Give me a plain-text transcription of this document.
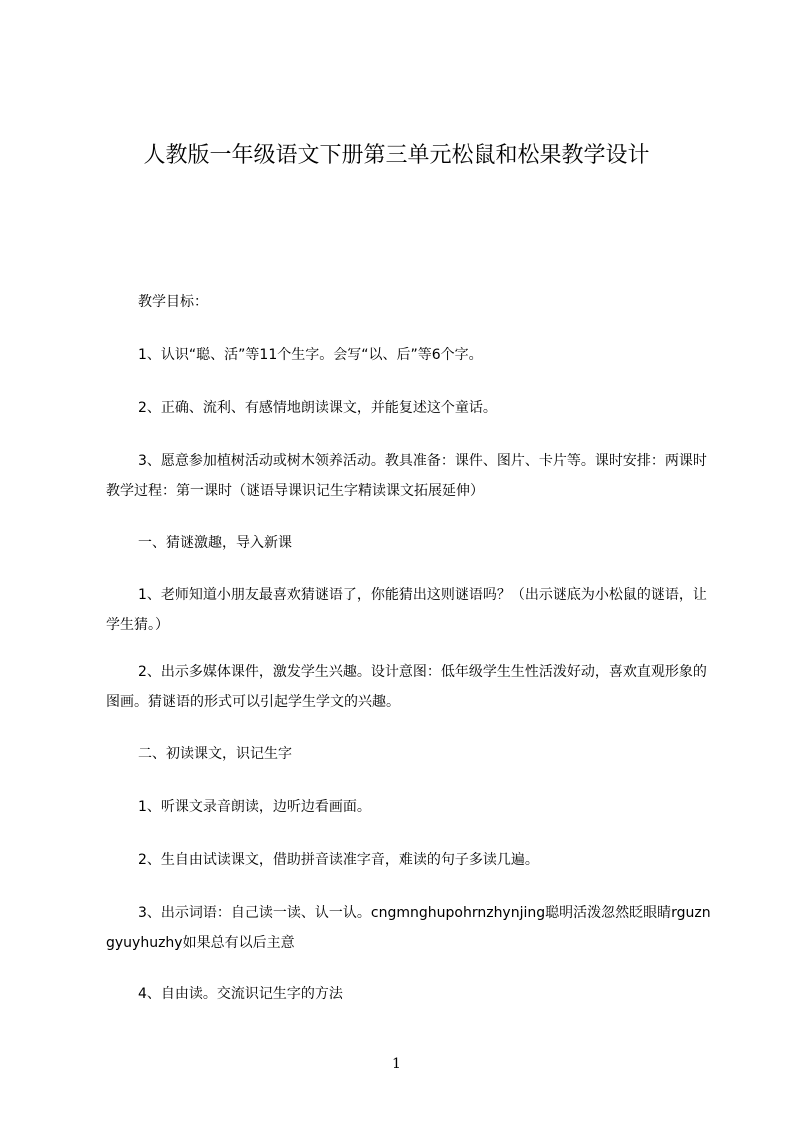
人教版一年级语文下册第三单元松鼠和松果教学设计
教学目标：
1、认识“聪、活”等11个生字。会写“以、后”等6个字。
2、正确、流利、有感情地朗读课文，并能复述这个童话。
3、愿意参加植树活动或树木领养活动。教具准备：课件、图片、卡片等。课时安排：两课时教学过程：第一课时（谜语导课识记生字精读课文拓展延伸）
一、猜谜激趣，导入新课
1、老师知道小朋友最喜欢猜谜语了，你能猜出这则谜语吗？（出示谜底为小松鼠的谜语，让学生猜。）
2、出示多媒体课件，激发学生兴趣。设计意图：低年级学生生性活泼好动，喜欢直观形象的图画。猜谜语的形式可以引起学生学文的兴趣。
二、初读课文，识记生字
1、听课文录音朗读，边听边看画面。
2、生自由试读课文，借助拼音读准字音，难读的句子多读几遍。
3、出示词语：自己读一读、认一认。cngmnghupohrnzhynjing聪明活泼忽然眨眼睛rguzngyuyhuzhy如果总有以后主意
4、自由读。交流识记生字的方法
1
